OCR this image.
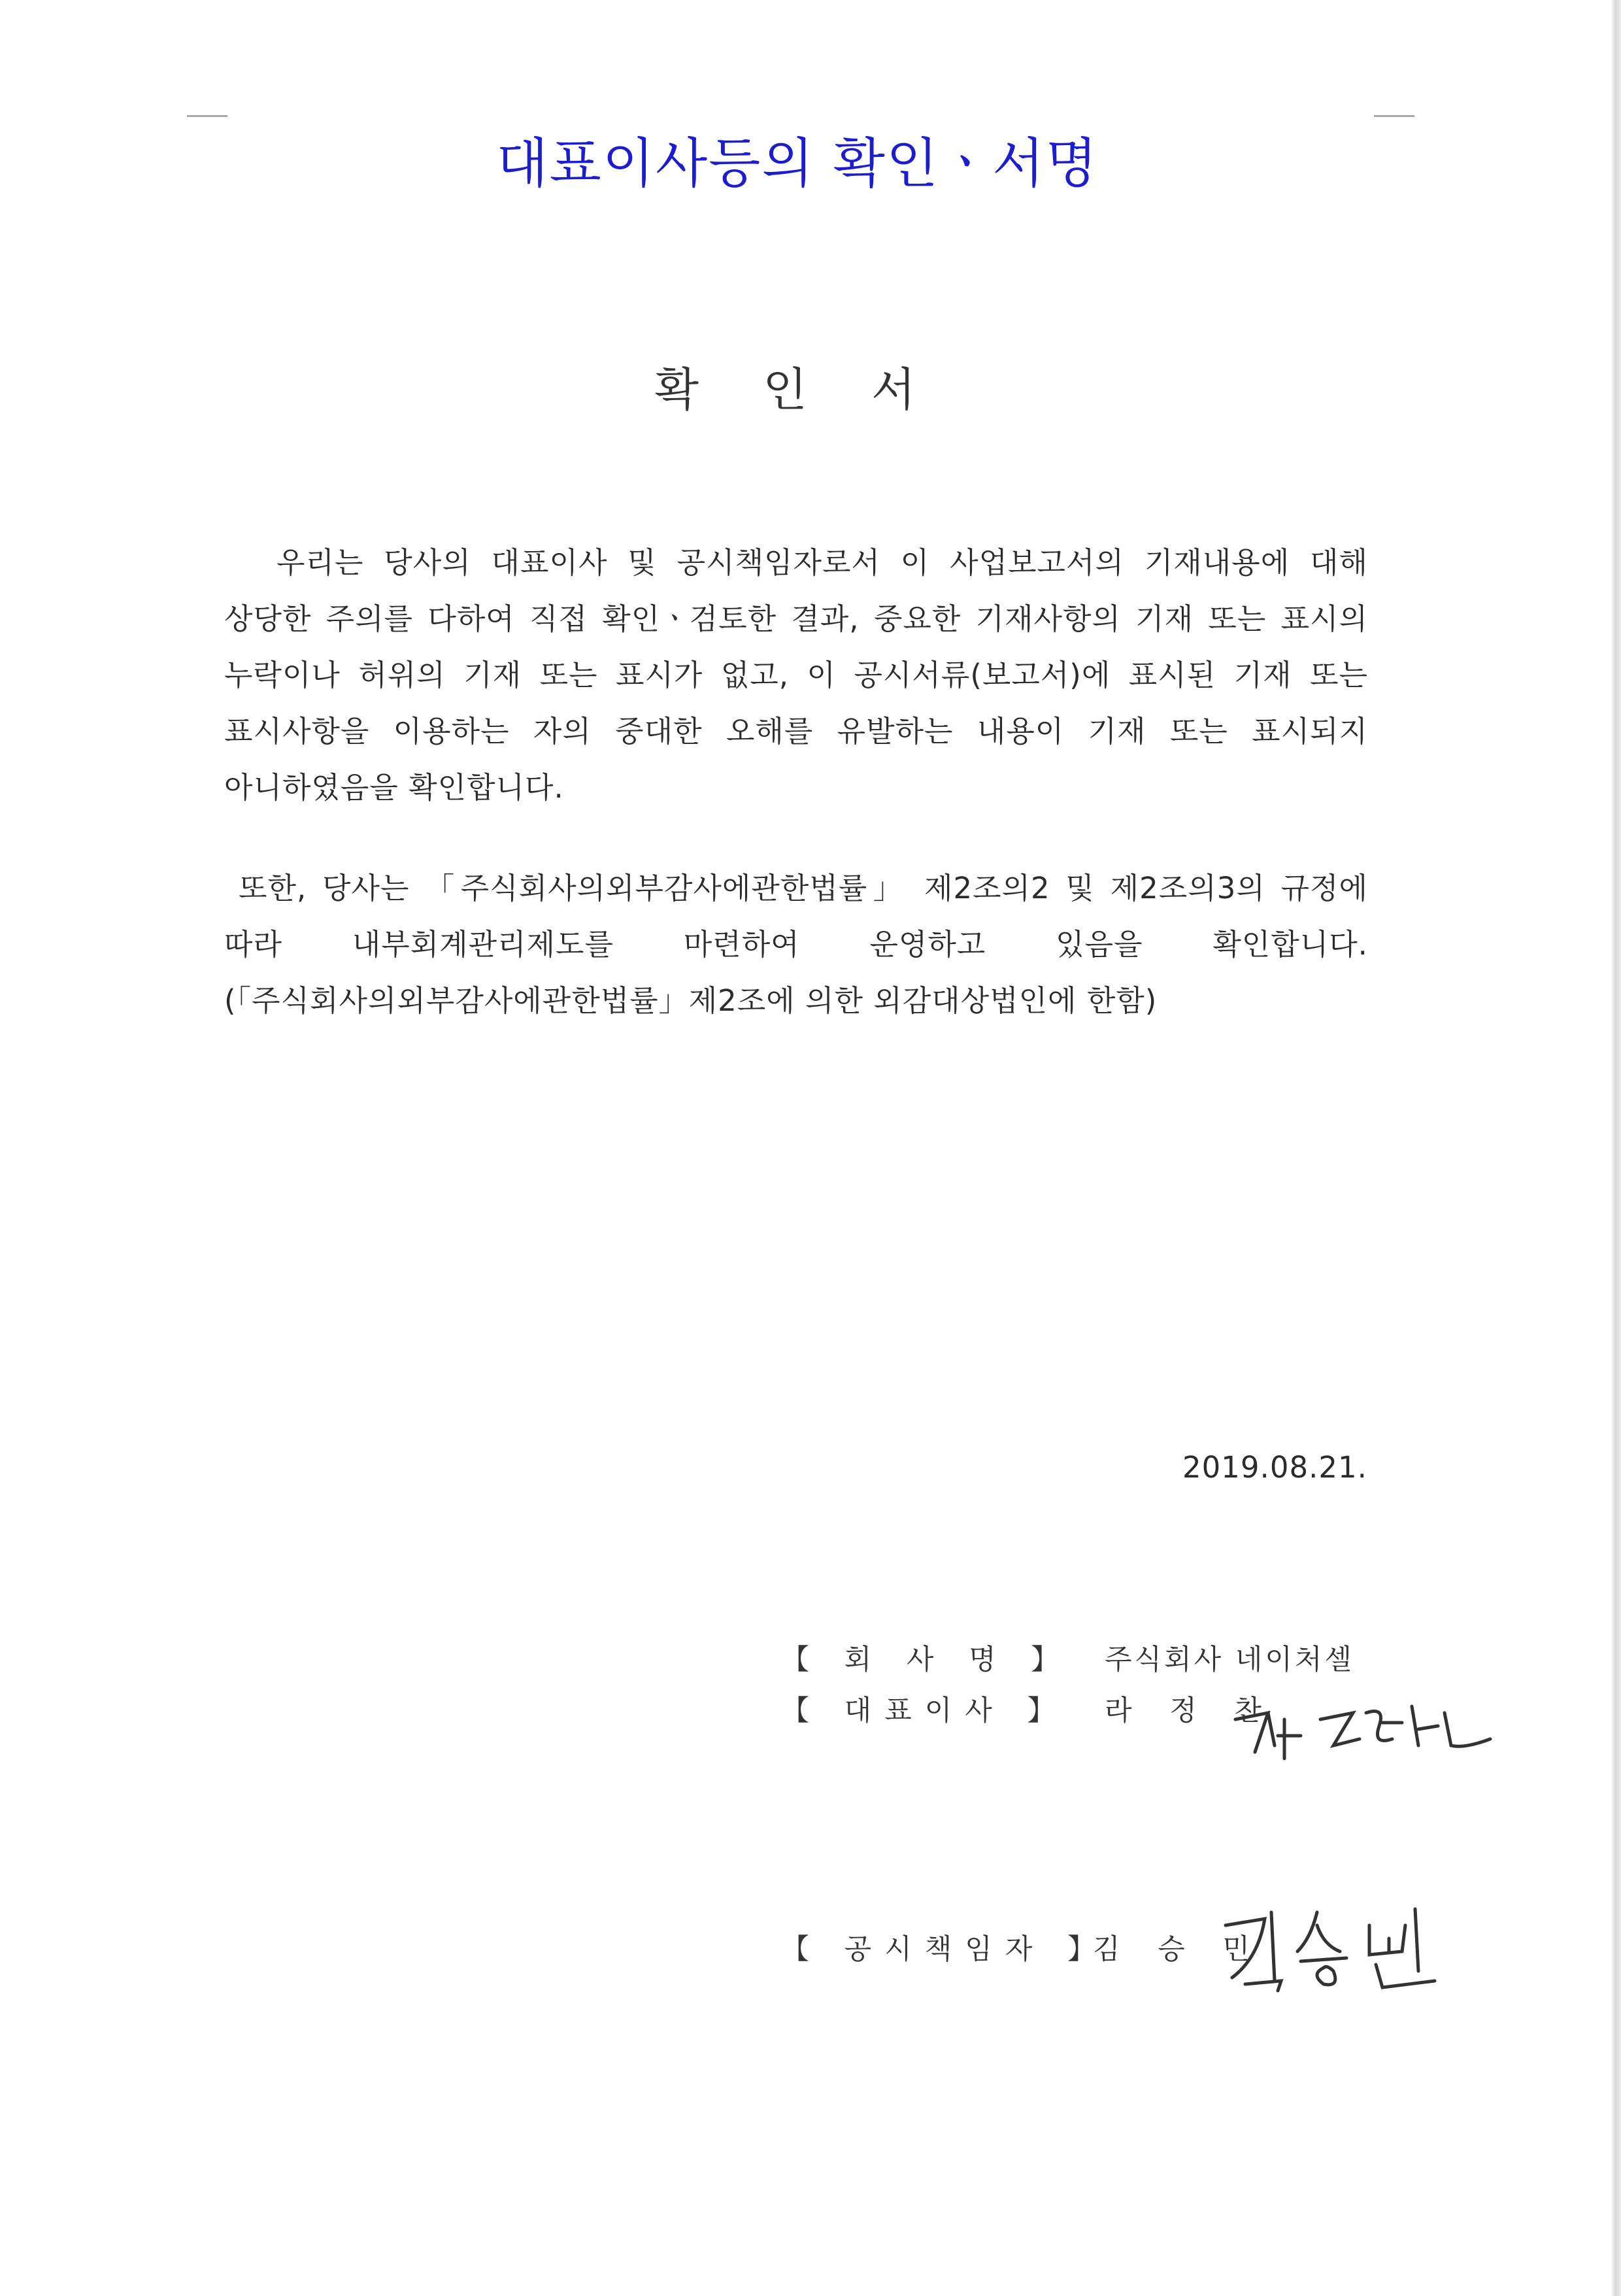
대표이사등의 확인ㆍ서명
확 인 서

우리는 당사의 대표이사 및 공시책임자로서 이 사업보고서의 기재내용에 대해 상당한 주의를 다하여 직접 확인ㆍ검토한 결과, 중요한 기재사항의 기재 또는 표시의 누락이나 허위의 기재 또는 표시가 없고, 이 공시서류(보고서)에 표시된 기재 또는 표시사항을 이용하는 자의 중대한 오해를 유발하는 내용이 기재 또는 표시되지 아니하였음을 확인합니다.

또한, 당사는 「주식회사의외부감사에관한법률」 제2조의2 및 제2조의3의 규정에 따라 내부회계관리제도를 마련하여 운영하고 있음을 확인합니다.(「주식회사의외부감사에관한법률」제2조에 의한 외감대상법인에 한함)

2019.08.21.
【 회 사 명 】 주식회사 네이처셀
【 대표이사 】 라 정 찬
【 공시책임자 】
김 승 민
